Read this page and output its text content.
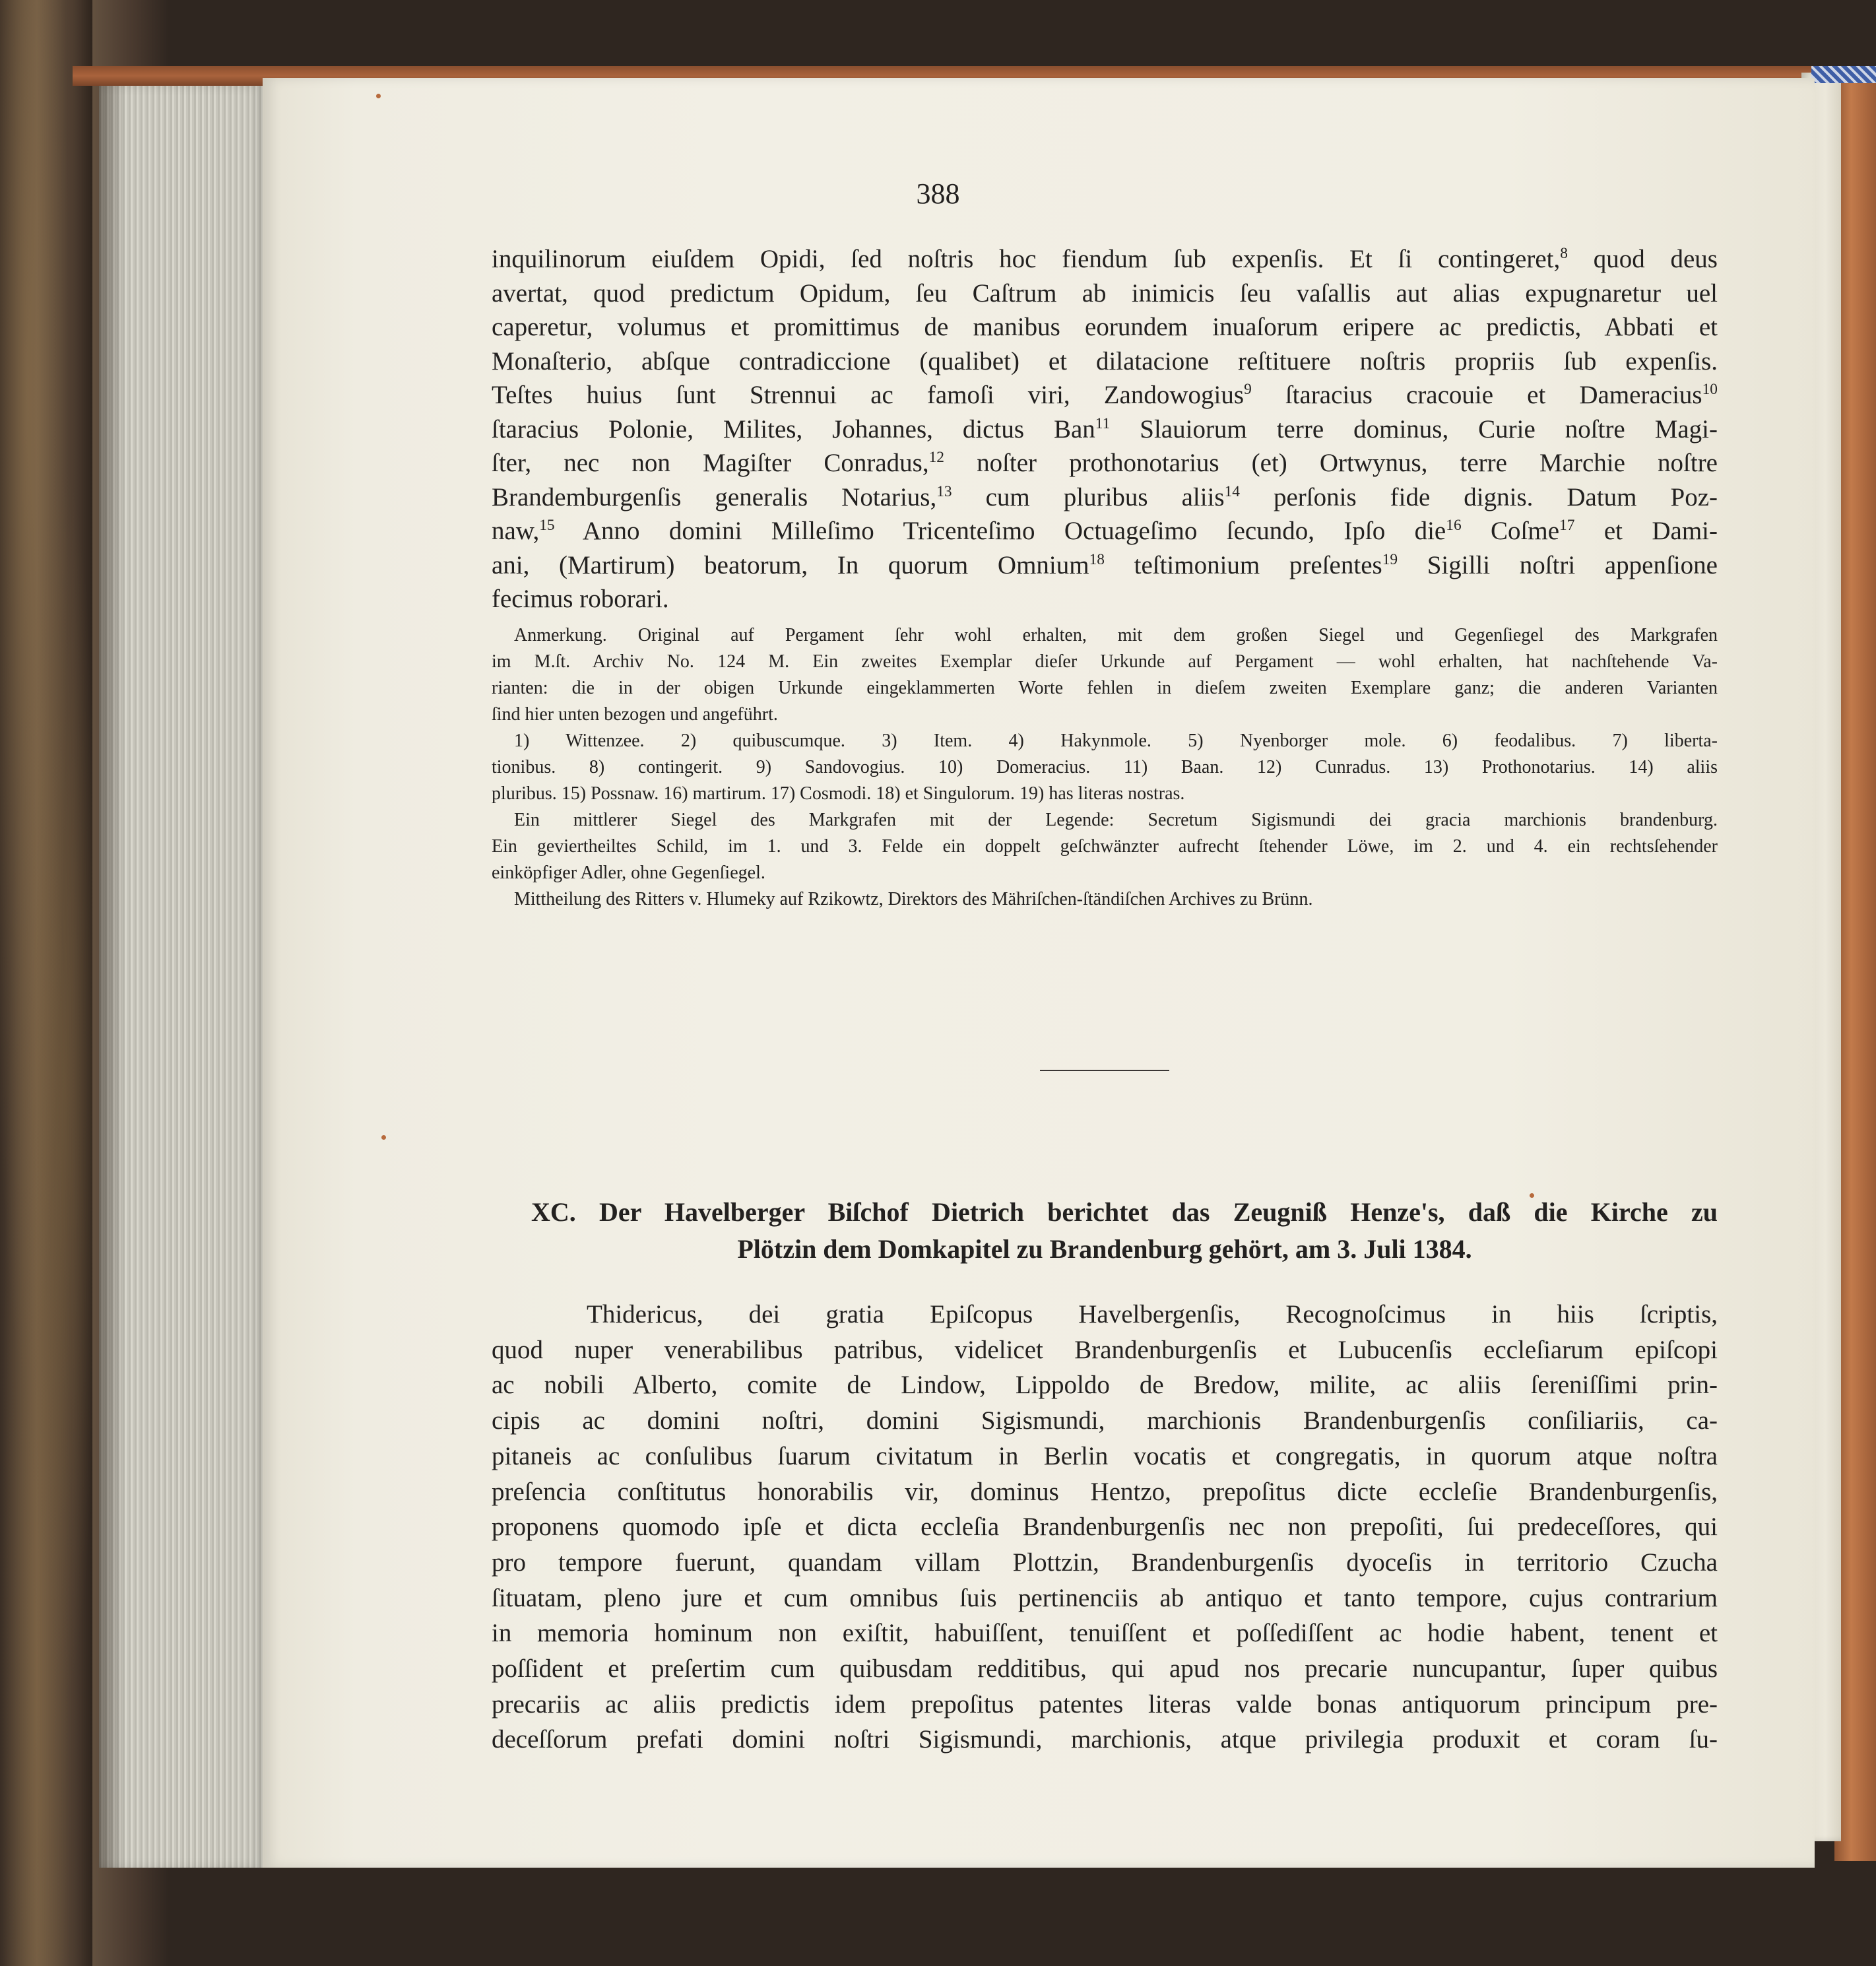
388
inquilinorum eiuſdem Opidi, ſed noſtris hoc fiendum ſub expenſis. Et ſi contingeret,$^8$ quod deus
avertat, quod predictum Opidum, ſeu Caſtrum ab inimicis ſeu vaſallis aut alias expugnaretur uel
caperetur, volumus et promittimus de manibus eorundem inuaſorum eripere ac predictis, Abbati et
Monaſterio, abſque contradiccione (qualibet) et dilatacione reſtituere noſtris propriis ſub expenſis.
Teſtes huius ſunt Strennui ac famoſi viri, Zandowogius$^9$ ſtaracius cracouie et Dameracius$^{10}$
ſtaracius Polonie, Milites, Johannes, dictus Ban$^{11}$ Slauiorum terre dominus, Curie noſtre Magi-
ſter, nec non Magiſter Conradus,$^{12}$ noſter prothonotarius (et) Ortwynus, terre Marchie noſtre
Brandemburgenſis generalis Notarius,$^{13}$ cum pluribus aliis$^{14}$ perſonis fide dignis. Datum Poz-
naw,$^{15}$ Anno domini Milleſimo Tricenteſimo Octuageſimo ſecundo, Ipſo die$^{16}$ Coſme$^{17}$ et Dami-
ani, (Martirum) beatorum, In quorum Omnium$^{18}$ teſtimonium preſentes$^{19}$ Sigilli noſtri appenſione
fecimus roborari.
Anmerkung. Original auf Pergament ſehr wohl erhalten, mit dem großen Siegel und Gegenſiegel des Markgrafen
im M.ſt. Archiv No. 124 M. Ein zweites Exemplar dieſer Urkunde auf Pergament — wohl erhalten, hat nachſtehende Va-
rianten: die in der obigen Urkunde eingeklammerten Worte fehlen in dieſem zweiten Exemplare ganz; die anderen Varianten
ſind hier unten bezogen und angeführt.
1) Wittenzee. 2) quibuscumque. 3) Item. 4) Hakynmole. 5) Nyenborger mole. 6) feodalibus. 7) liberta-
tionibus. 8) contingerit. 9) Sandovogius. 10) Domeracius. 11) Baan. 12) Cunradus. 13) Prothonotarius. 14) aliis
pluribus. 15) Possnaw. 16) martirum. 17) Cosmodi. 18) et Singulorum. 19) has literas nostras.
Ein mittlerer Siegel des Markgrafen mit der Legende: Secretum Sigismundi dei gracia marchionis brandenburg.
Ein geviertheiltes Schild, im 1. und 3. Felde ein doppelt geſchwänzter aufrecht ſtehender Löwe, im 2. und 4. ein rechtsſehender
einköpfiger Adler, ohne Gegenſiegel.
Mittheilung des Ritters v. Hlumeky auf Rzikowtz, Direktors des Mähriſchen-ſtändiſchen Archives zu Brünn.
XC. Der Havelberger Biſchof Dietrich berichtet das Zeugniß Henze's, daß die Kirche zu
Plötzin dem Domkapitel zu Brandenburg gehört, am 3. Juli 1384.
Thidericus, dei gratia Epiſcopus Havelbergenſis, Recognoſcimus in hiis ſcriptis,
quod nuper venerabilibus patribus, videlicet Brandenburgenſis et Lubucenſis eccleſiarum epiſcopi
ac nobili Alberto, comite de Lindow, Lippoldo de Bredow, milite, ac aliis ſereniſſimi prin-
cipis ac domini noſtri, domini Sigismundi, marchionis Brandenburgenſis conſiliariis, ca-
pitaneis ac conſulibus ſuarum civitatum in Berlin vocatis et congregatis, in quorum atque noſtra
preſencia conſtitutus honorabilis vir, dominus Hentzo, prepoſitus dicte eccleſie Brandenburgenſis,
proponens quomodo ipſe et dicta eccleſia Brandenburgenſis nec non prepoſiti, ſui predeceſſores, qui
pro tempore fuerunt, quandam villam Plottzin, Brandenburgenſis dyoceſis in territorio Czucha
ſituatam, pleno jure et cum omnibus ſuis pertinenciis ab antiquo et tanto tempore, cujus contrarium
in memoria hominum non exiſtit, habuiſſent, tenuiſſent et poſſediſſent ac hodie habent, tenent et
poſſident et preſertim cum quibusdam redditibus, qui apud nos precarie nuncupantur, ſuper quibus
precariis ac aliis predictis idem prepoſitus patentes literas valde bonas antiquorum principum pre-
deceſſorum prefati domini noſtri Sigismundi, marchionis, atque privilegia produxit et coram ſu-
